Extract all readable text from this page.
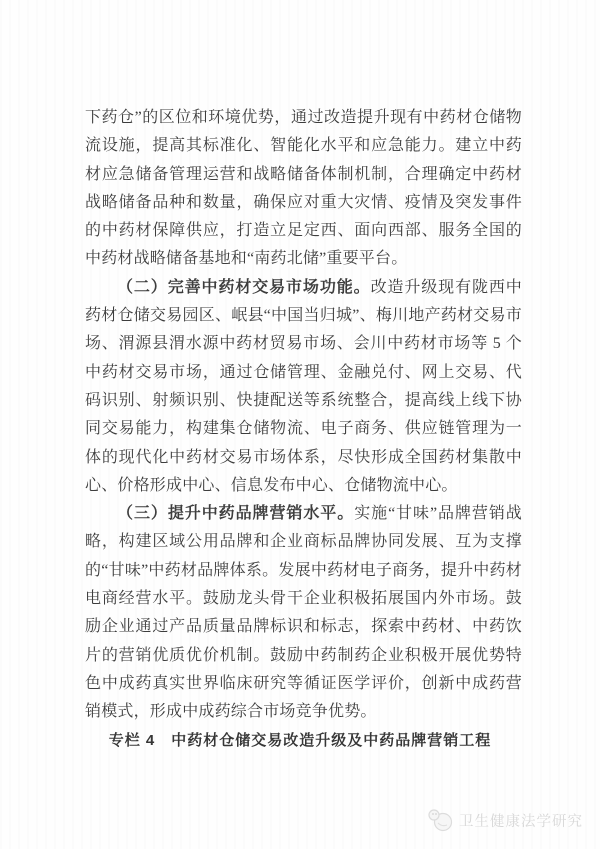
下药仓”的区位和环境优势，通过改造提升现有中药材仓储物流设施，提高其标准化、智能化水平和应急能力。建立中药材应急储备管理运营和战略储备体制机制，合理确定中药材战略储备品种和数量，确保应对重大灾情、疫情及突发事件的中药材保障供应，打造立足定西、面向西部、服务全国的中药材战略储备基地和“南药北储”重要平台。

（二）完善中药材交易市场功能。改造升级现有陇西中药材仓储交易园区、岷县“中国当归城”、梅川地产药材交易市场、渭源县渭水源中药材贸易市场、会川中药材市场等 5 个中药材交易市场，通过仓储管理、金融兑付、网上交易、代码识别、射频识别、快捷配送等系统整合，提高线上线下协同交易能力，构建集仓储物流、电子商务、供应链管理为一体的现代化中药材交易市场体系，尽快形成全国药材集散中心、价格形成中心、信息发布中心、仓储物流中心。

（三）提升中药品牌营销水平。实施“甘味”品牌营销战略，构建区域公用品牌和企业商标品牌协同发展、互为支撑的“甘味”中药材品牌体系。发展中药材电子商务，提升中药材电商经营水平。鼓励龙头骨干企业积极拓展国内外市场。鼓励企业通过产品质量品牌标识和标志，探索中药材、中药饮片的营销优质优价机制。鼓励中药制药企业积极开展优势特色中成药真实世界临床研究等循证医学评价，创新中成药营销模式，形成中成药综合市场竞争优势。

专栏 4　中药材仓储交易改造升级及中药品牌营销工程
卫生健康法学研究
